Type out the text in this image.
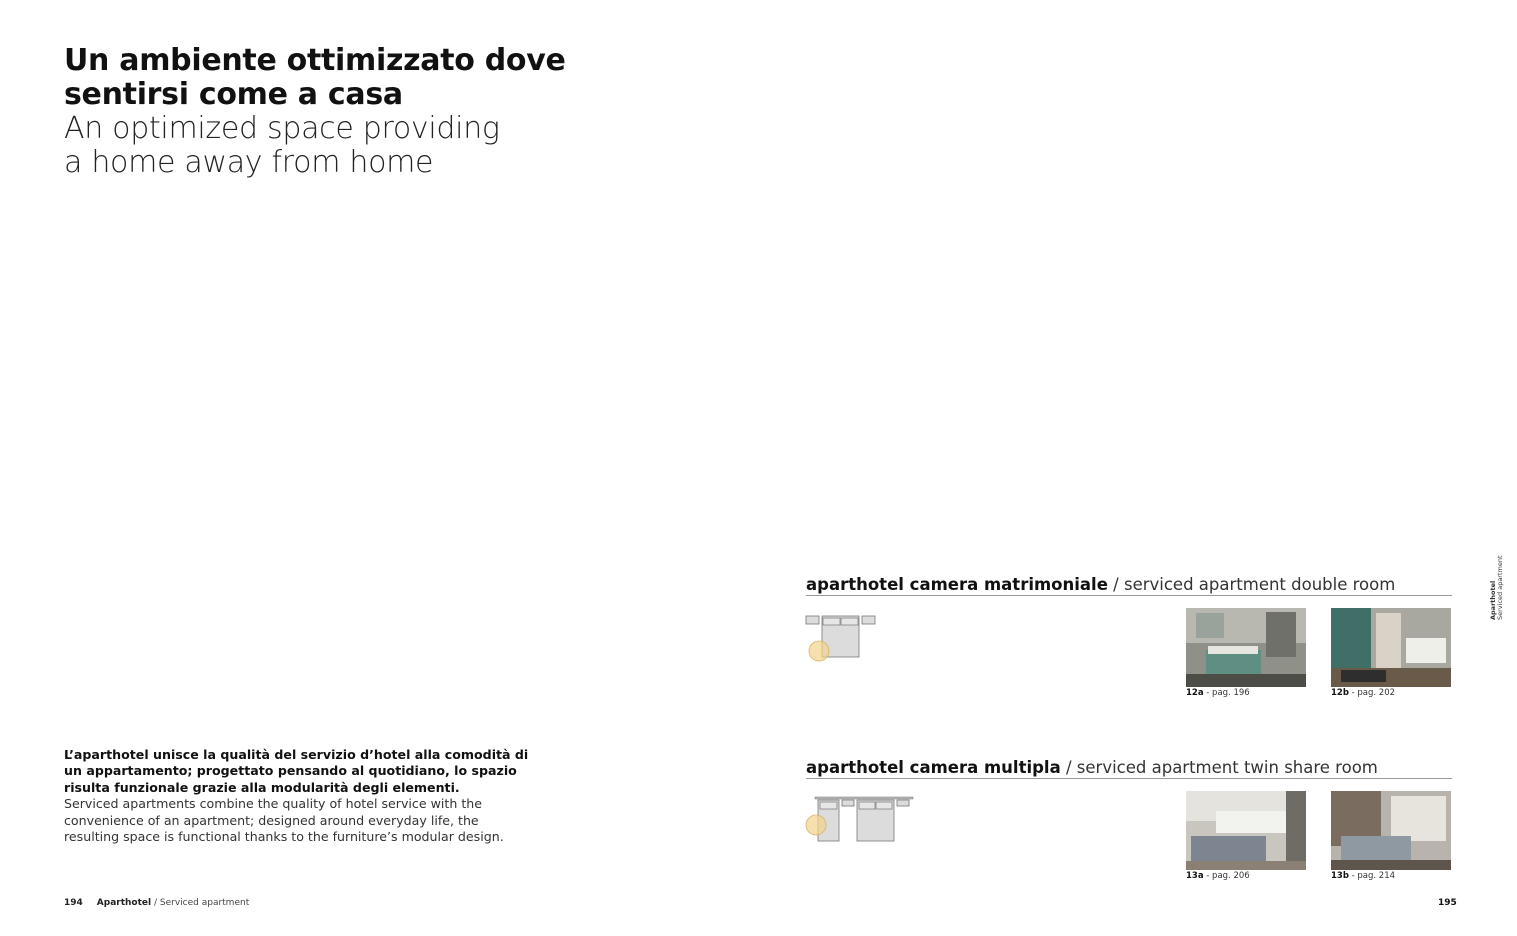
Un ambiente ottimizzato dove
sentirsi come a casa
An optimized space providing
a home away from home
L’aparthotel unisce la qualità del servizio d’hotel alla comodità di un appartamento; progettato pensando al quotidiano, lo spazio risulta funzionale grazie alla modularità degli elementi.
Serviced apartments combine the quality of hotel service with the convenience of an apartment; designed around everyday life, the resulting space is functional thanks to the furniture’s modular design.
194 Aparthotel / Serviced apartment	195
Aparthotel Serviced apartment
aparthotel camera matrimoniale / serviced apartment double room
12a - pag. 196	12b - pag. 202
aparthotel camera multipla / serviced apartment twin share room
13a - pag. 206	13b - pag. 214
